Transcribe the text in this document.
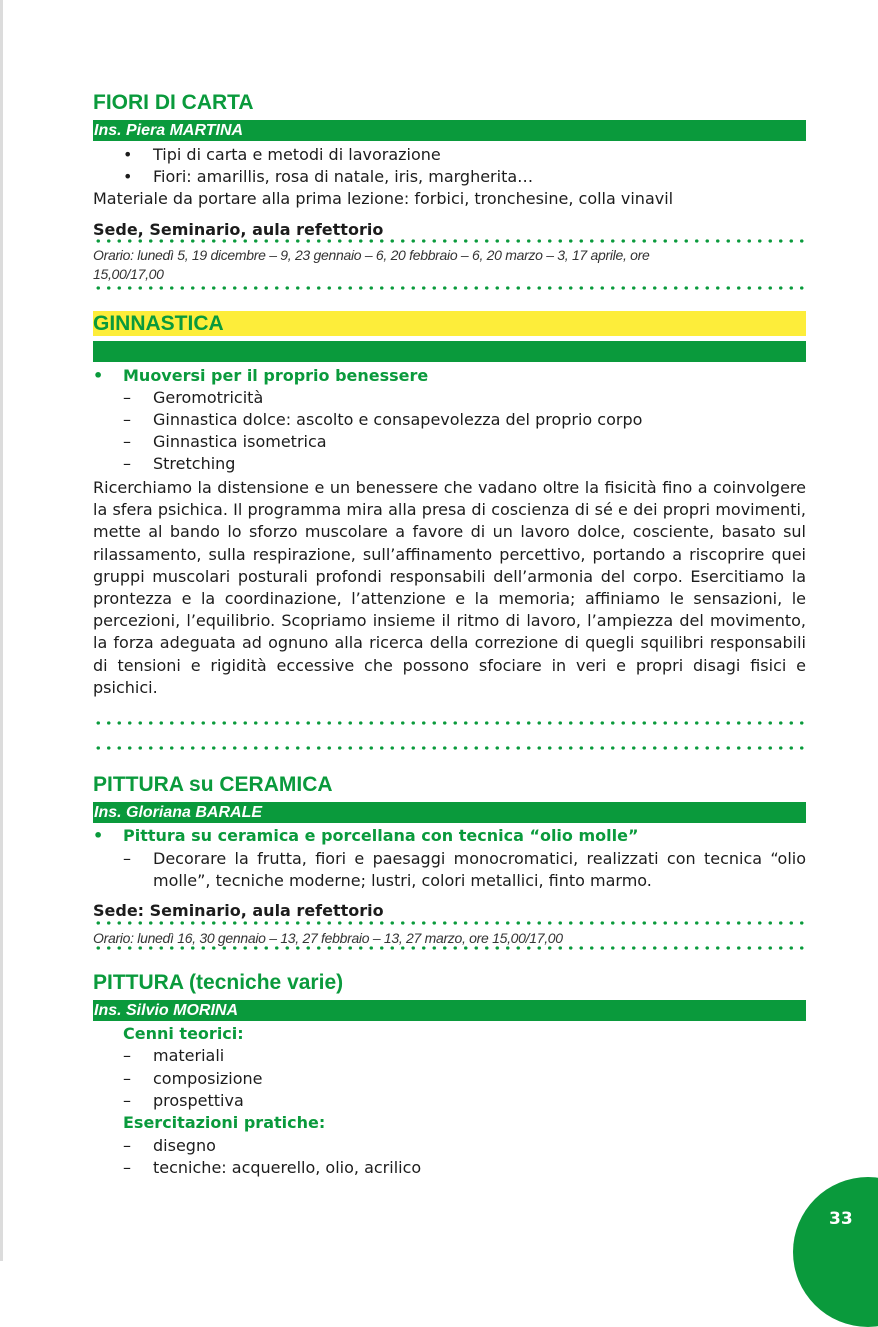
FIORI DI CARTA
Ins. Piera MARTINA
• Tipi di carta e metodi di lavorazione
• Fiori: amarillis, rosa di natale, iris, margherita…
Materiale da portare alla prima lezione: forbici, tronchesine, colla vinavil
Sede, Seminario, aula refettorio
Orario: lunedì 5, 19 dicembre – 9, 23 gennaio – 6, 20 febbraio – 6, 20 marzo – 3, 17 aprile, ore
15,00/17,00
GINNASTICA
• Muoversi per il proprio benessere
– Geromotricità
– Ginnastica dolce: ascolto e consapevolezza del proprio corpo
– Ginnastica isometrica
– Stretching

Ricerchiamo la distensione e un benessere che vadano oltre la fisicità fino a coinvolgere la sfera psichica. Il programma mira alla presa di coscienza di sé e dei propri movimenti, mette al bando lo sforzo muscolare a favore di un lavoro dolce, cosciente, basato sul rilassamento, sulla respirazione, sull’affinamento percettivo, portando a riscoprire quei gruppi muscolari posturali profondi responsabili dell’armonia del corpo. Esercitiamo la prontezza e la coordinazione, l’attenzione e la memoria; affiniamo le sensazioni, le percezioni, l’equilibrio. Scopriamo insieme il ritmo di lavoro, l’ampiezza del movimento, la forza adeguata ad ognuno alla ricerca della correzione di quegli squilibri responsabili di tensioni e rigidità eccessive che possono sfociare in veri e propri disagi fisici e psichici.

PITTURA su CERAMICA
Ins. Gloriana BARALE
• Pittura su ceramica e porcellana con tecnica “olio molle”
– Decorare la frutta, fiori e paesaggi monocromatici, realizzati con tecnica “olio molle”, tecniche moderne; lustri, colori metallici, finto marmo.
Sede: Seminario, aula refettorio
Orario: lunedì 16, 30 gennaio – 13, 27 febbraio – 13, 27 marzo, ore 15,00/17,00
PITTURA (tecniche varie)
Ins. Silvio MORINA
Cenni teorici:
– materiali
– composizione
– prospettiva
Esercitazioni pratiche:
– disegno
– tecniche: acquerello, olio, acrilico
33
